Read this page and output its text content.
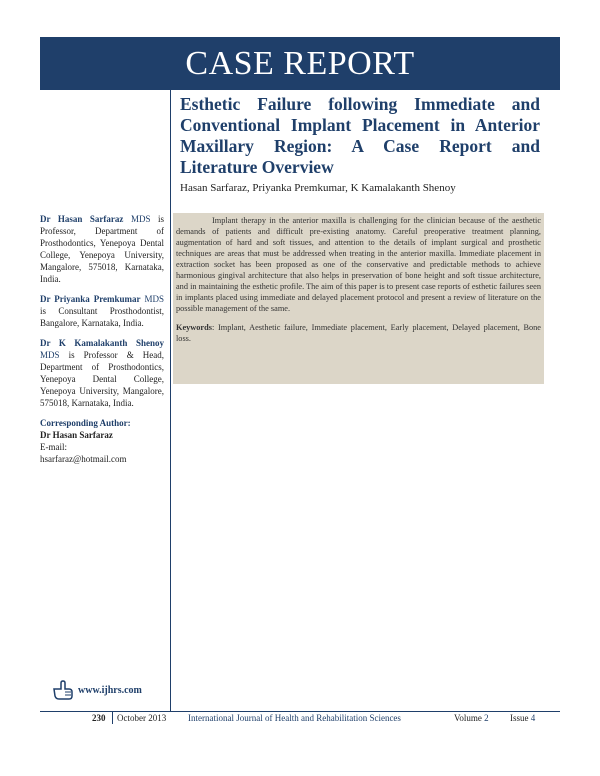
CASE REPORT
Esthetic Failure following Immediate and Conventional Implant Placement in Anterior Maxillary Region: A Case Report and Literature Overview
Hasan Sarfaraz, Priyanka Premkumar, K Kamalakanth Shenoy
Dr Hasan Sarfaraz MDS is Professor, Department of Prosthodontics, Yenepoya Dental College, Yenepoya University, Mangalore, 575018, Karnataka, India.
Dr Priyanka Premkumar MDS is Consultant Prosthodontist, Bangalore, Karnataka, India.
Dr K Kamalakanth Shenoy MDS is Professor & Head, Department of Prosthodontics, Yenepoya Dental College, Yenepoya University, Mangalore, 575018, Karnataka, India.
Corresponding Author:
Dr Hasan Sarfaraz
E-mail:
hsarfaraz@hotmail.com

Implant therapy in the anterior maxilla is challenging for the clinician because of the aesthetic demands of patients and difficult pre-existing anatomy. Careful preoperative treatment planning, augmentation of hard and soft tissues, and attention to the details of implant surgical and prosthetic techniques are areas that must be addressed when treating in the anterior maxilla. Immediate placement in extraction socket has been proposed as one of the conservative and predictable methods to achieve harmonious gingival architecture that also helps in preservation of bone height and soft tissue architecture, and in maintaining the esthetic profile. The aim of this paper is to present case reports of esthetic failures seen in implants placed using immediate and delayed placement protocol and present a review of literature on the possible management of the same.

Keywords: Implant, Aesthetic failure, Immediate placement, Early placement, Delayed placement, Bone loss.
www.ijhrs.com
230 October 2013 International Journal of Health and Rehabilitation Sciences	Volume 2 Issue 4
